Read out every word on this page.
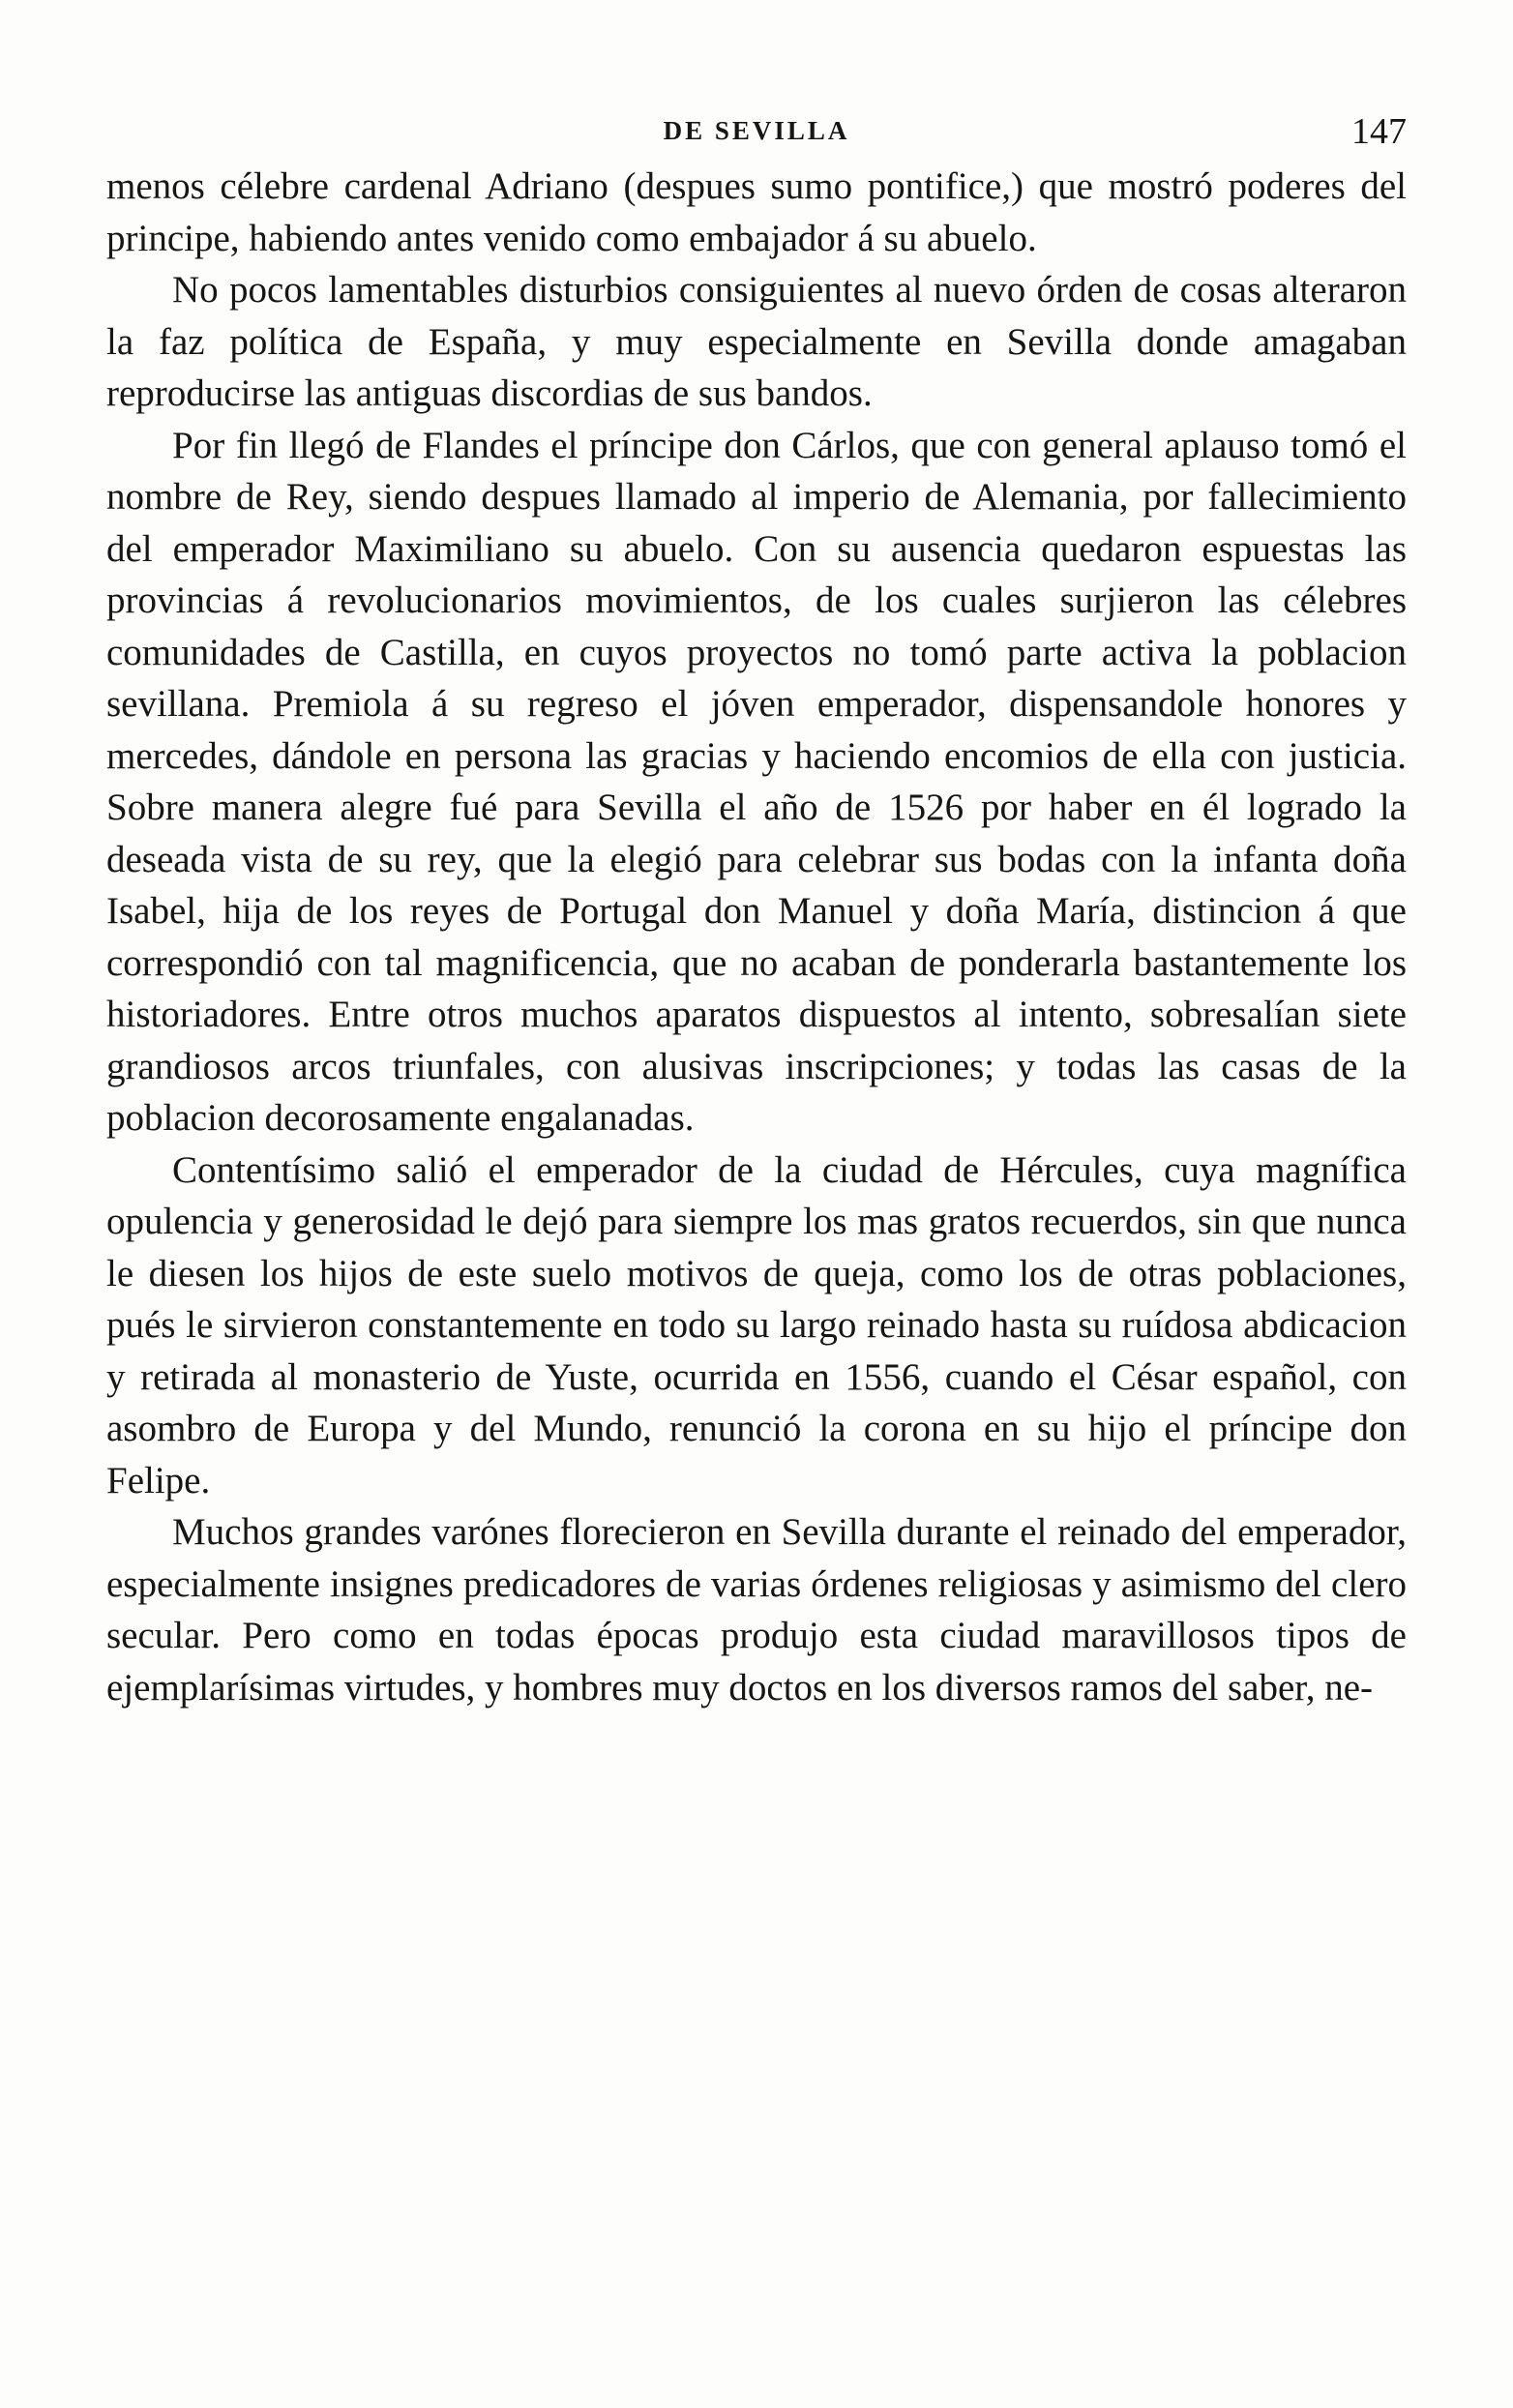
DE SEVILLA	147

menos célebre cardenal Adriano (despues sumo pontifice,) que mostró poderes del principe, habiendo antes venido como embajador á su abuelo.

No pocos lamentables disturbios consiguientes al nuevo órden de cosas alteraron la faz política de España, y muy especialmente en Sevilla donde amagaban reproducirse las antiguas discordias de sus bandos.

Por fin llegó de Flandes el príncipe don Cárlos, que con general aplauso tomó el nombre de Rey, siendo despues llamado al imperio de Alemania, por fallecimiento del emperador Maximiliano su abuelo. Con su ausencia quedaron espuestas las provincias á revolucionarios movimientos, de los cuales surjieron las célebres comunidades de Castilla, en cuyos proyectos no tomó parte activa la poblacion sevillana. Premiola á su regreso el jóven emperador, dispensandole honores y mercedes, dándole en persona las gracias y haciendo encomios de ella con justicia. Sobre manera alegre fué para Sevilla el año de 1526 por haber en él logrado la deseada vista de su rey, que la elegió para celebrar sus bodas con la infanta doña Isabel, hija de los reyes de Portugal don Manuel y doña María, distincion á que correspondió con tal magnificencia, que no acaban de ponderarla bastantemente los historiadores. Entre otros muchos aparatos dispuestos al intento, sobresalían siete grandiosos arcos triunfales, con alusivas inscripciones; y todas las casas de la poblacion decorosamente engalanadas.

Contentísimo salió el emperador de la ciudad de Hércules, cuya magnífica opulencia y generosidad le dejó para siempre los mas gratos recuerdos, sin que nunca le diesen los hijos de este suelo motivos de queja, como los de otras poblaciones, pués le sirvieron constantemente en todo su largo reinado hasta su ruídosa abdicacion y retirada al monasterio de Yuste, ocurrida en 1556, cuando el César español, con asombro de Europa y del Mundo, renunció la corona en su hijo el príncipe don Felipe.

Muchos grandes varónes florecieron en Sevilla durante el reinado del emperador, especialmente insignes predicadores de varias órdenes religiosas y asimismo del clero secular. Pero como en todas épocas produjo esta ciudad maravillosos tipos de ejemplarísimas virtudes, y hombres muy doctos en los diversos ramos del saber, ne-
